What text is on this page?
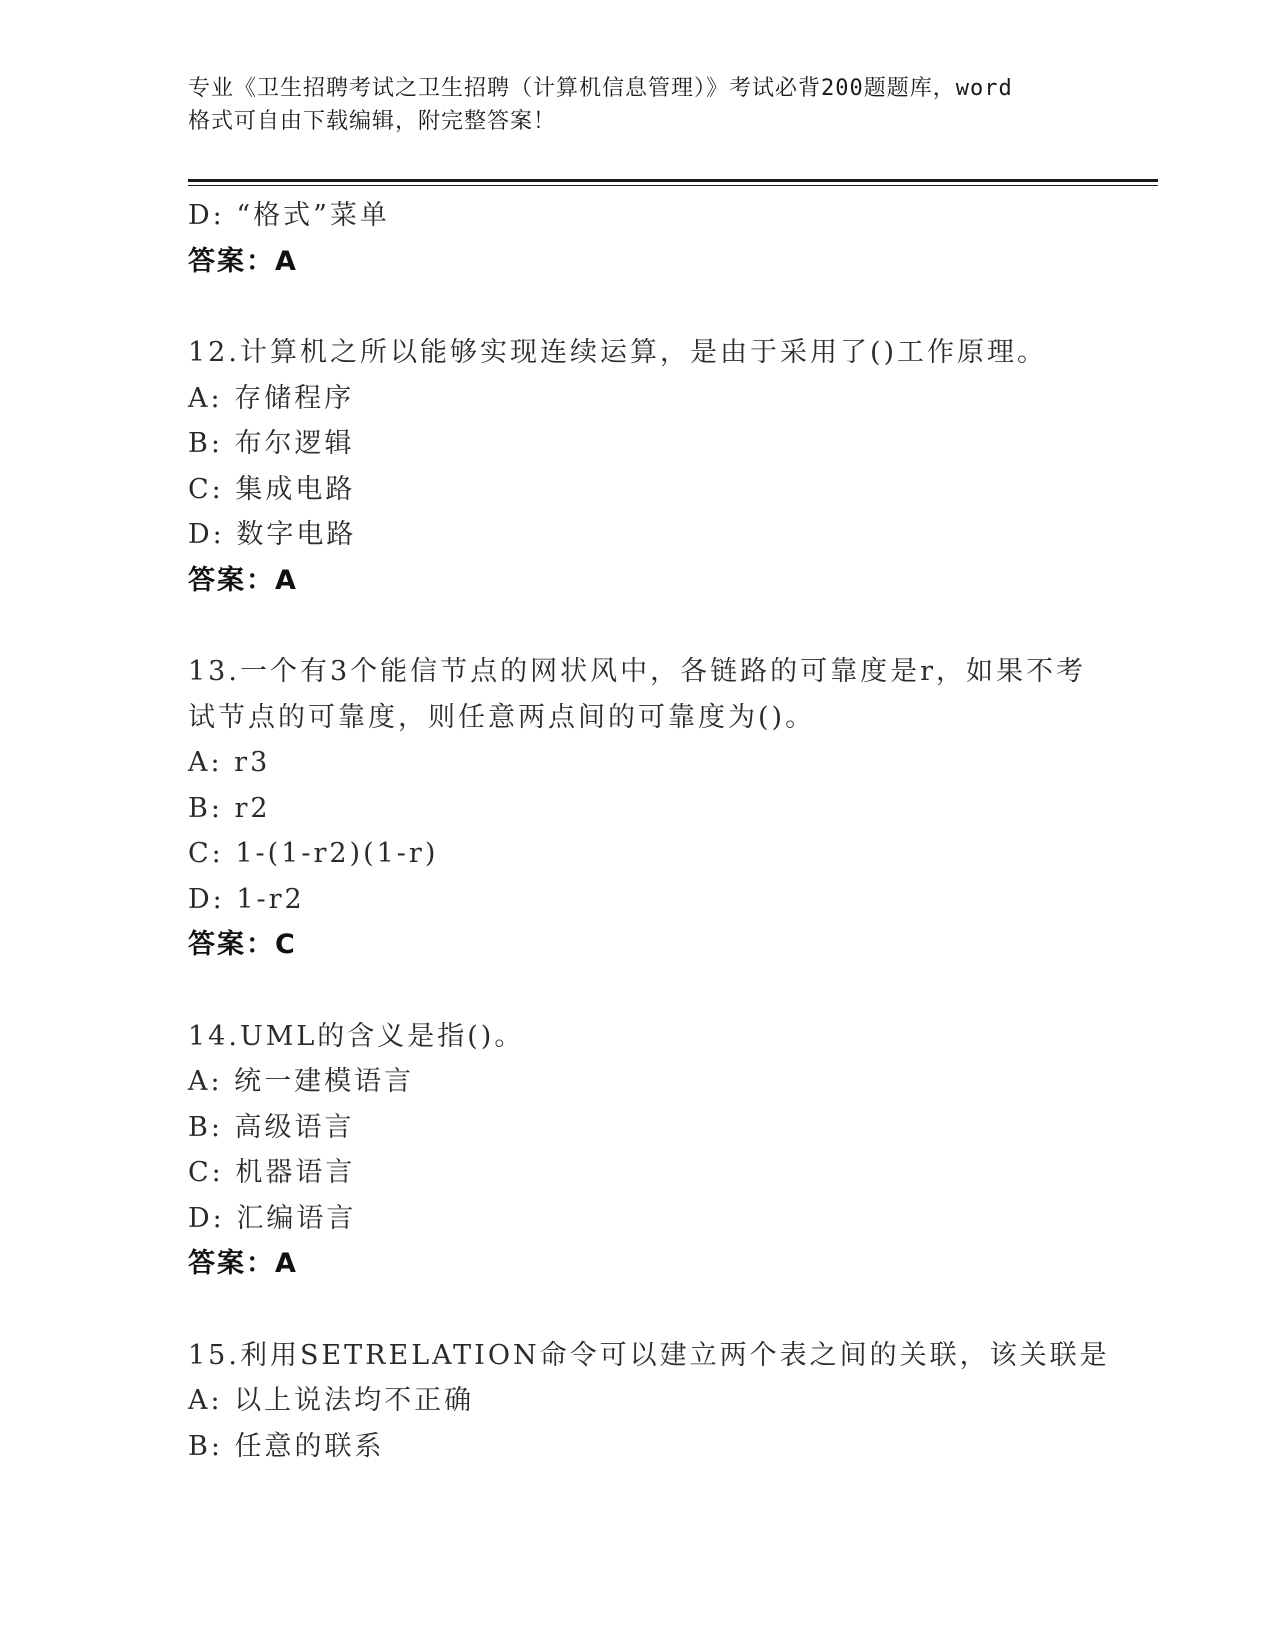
专业《卫生招聘考试之卫生招聘（计算机信息管理）》考试必背200题题库，word
格式可自由下载编辑，附完整答案！
D: “格式”菜单
答案：A
12.计算机之所以能够实现连续运算，是由于采用了()工作原理。
A: 存储程序
B: 布尔逻辑
C: 集成电路
D: 数字电路
答案：A
13.一个有3个能信节点的网状风中，各链路的可靠度是r，如果不考
试节点的可靠度，则任意两点间的可靠度为()。
A: r3
B: r2
C: 1-(1-r2)(1-r)
D: 1-r2
答案：C
14.UML的含义是指()。
A: 统一建模语言
B: 高级语言
C: 机器语言
D: 汇编语言
答案：A
15.利用SETRELATION命令可以建立两个表之间的关联，该关联是
A: 以上说法均不正确
B: 任意的联系
